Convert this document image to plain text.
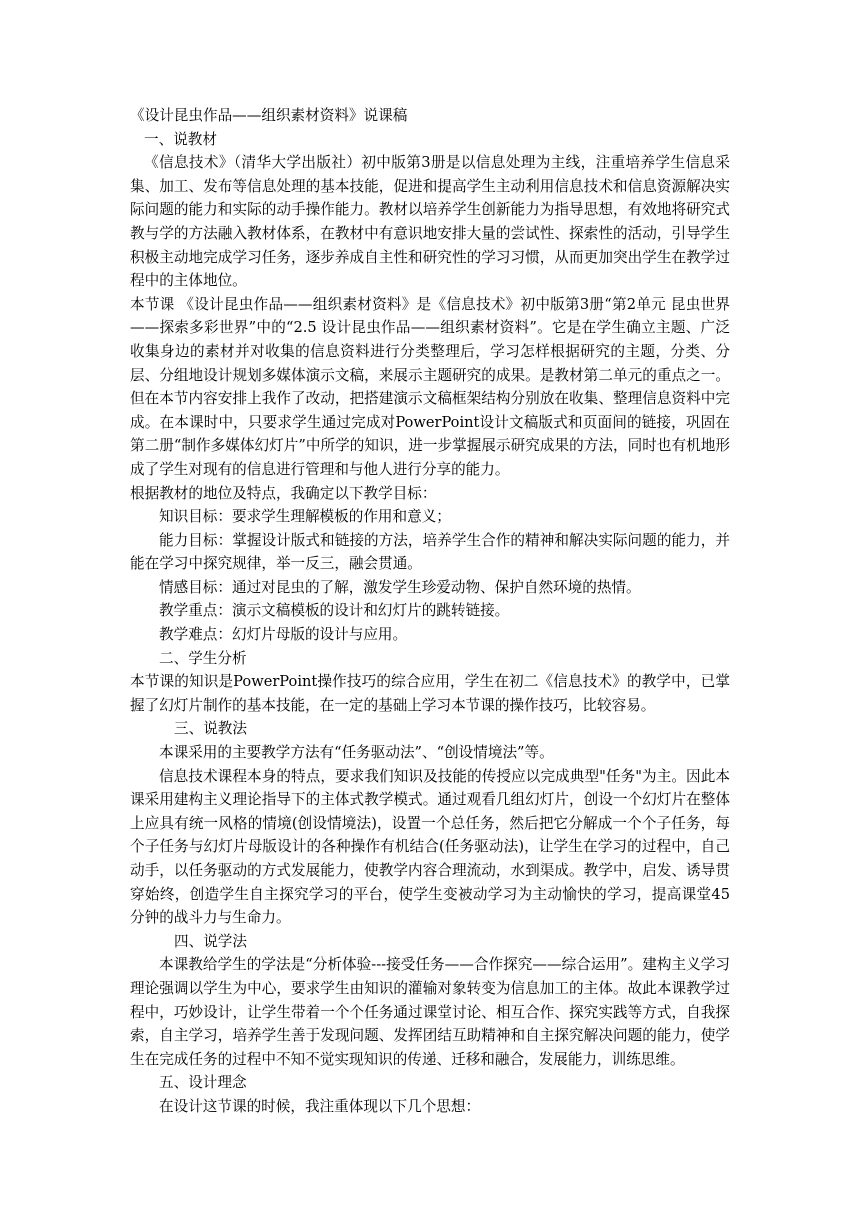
《设计昆虫作品——组织素材资料》说课稿

一、说教材

《信息技术》（清华大学出版社）初中版第3册是以信息处理为主线，注重培养学生信息采集、加工、发布等信息处理的基本技能，促进和提高学生主动利用信息技术和信息资源解决实际问题的能力和实际的动手操作能力。教材以培养学生创新能力为指导思想，有效地将研究式教与学的方法融入教材体系，在教材中有意识地安排大量的尝试性、探索性的活动，引导学生积极主动地完成学习任务，逐步养成自主性和研究性的学习习惯，从而更加突出学生在教学过程中的主体地位。

本节课 《设计昆虫作品——组织素材资料》是《信息技术》初中版第3册“第2单元 昆虫世界——探索多彩世界”中的“2.5 设计昆虫作品——组织素材资料”。它是在学生确立主题、广泛收集身边的素材并对收集的信息资料进行分类整理后，学习怎样根据研究的主题，分类、分层、分组地设计规划多媒体演示文稿，来展示主题研究的成果。是教材第二单元的重点之一。但在本节内容安排上我作了改动，把搭建演示文稿框架结构分别放在收集、整理信息资料中完成。在本课时中，只要求学生通过完成对PowerPoint设计文稿版式和页面间的链接，巩固在第二册“制作多媒体幻灯片”中所学的知识，进一步掌握展示研究成果的方法，同时也有机地形成了学生对现有的信息进行管理和与他人进行分享的能力。

根据教材的地位及特点，我确定以下教学目标：

知识目标：要求学生理解模板的作用和意义；

能力目标：掌握设计版式和链接的方法，培养学生合作的精神和解决实际问题的能力，并能在学习中探究规律，举一反三，融会贯通。

情感目标：通过对昆虫的了解，激发学生珍爱动物、保护自然环境的热情。

教学重点：演示文稿模板的设计和幻灯片的跳转链接。

教学难点：幻灯片母版的设计与应用。

二、学生分析

本节课的知识是PowerPoint操作技巧的综合应用，学生在初二《信息技术》的教学中，已掌握了幻灯片制作的基本技能，在一定的基础上学习本节课的操作技巧，比较容易。

三、说教法

本课采用的主要教学方法有“任务驱动法”、“创设情境法”等。

信息技术课程本身的特点，要求我们知识及技能的传授应以完成典型"任务"为主。因此本课采用建构主义理论指导下的主体式教学模式。通过观看几组幻灯片，创设一个幻灯片在整体上应具有统一风格的情境(创设情境法)，设置一个总任务，然后把它分解成一个个子任务，每个子任务与幻灯片母版设计的各种操作有机结合(任务驱动法)，让学生在学习的过程中，自己动手，以任务驱动的方式发展能力，使教学内容合理流动，水到渠成。教学中，启发、诱导贯穿始终，创造学生自主探究学习的平台，使学生变被动学习为主动愉快的学习，提高课堂45分钟的战斗力与生命力。

四、说学法

本课教给学生的学法是“分析体验---接受任务——合作探究——综合运用”。建构主义学习理论强调以学生为中心，要求学生由知识的灌输对象转变为信息加工的主体。故此本课教学过程中，巧妙设计，让学生带着一个个任务通过课堂讨论、相互合作、探究实践等方式，自我探索，自主学习，培养学生善于发现问题、发挥团结互助精神和自主探究解决问题的能力，使学生在完成任务的过程中不知不觉实现知识的传递、迁移和融合，发展能力，训练思维。

五、设计理念

在设计这节课的时候，我注重体现以下几个思想：
